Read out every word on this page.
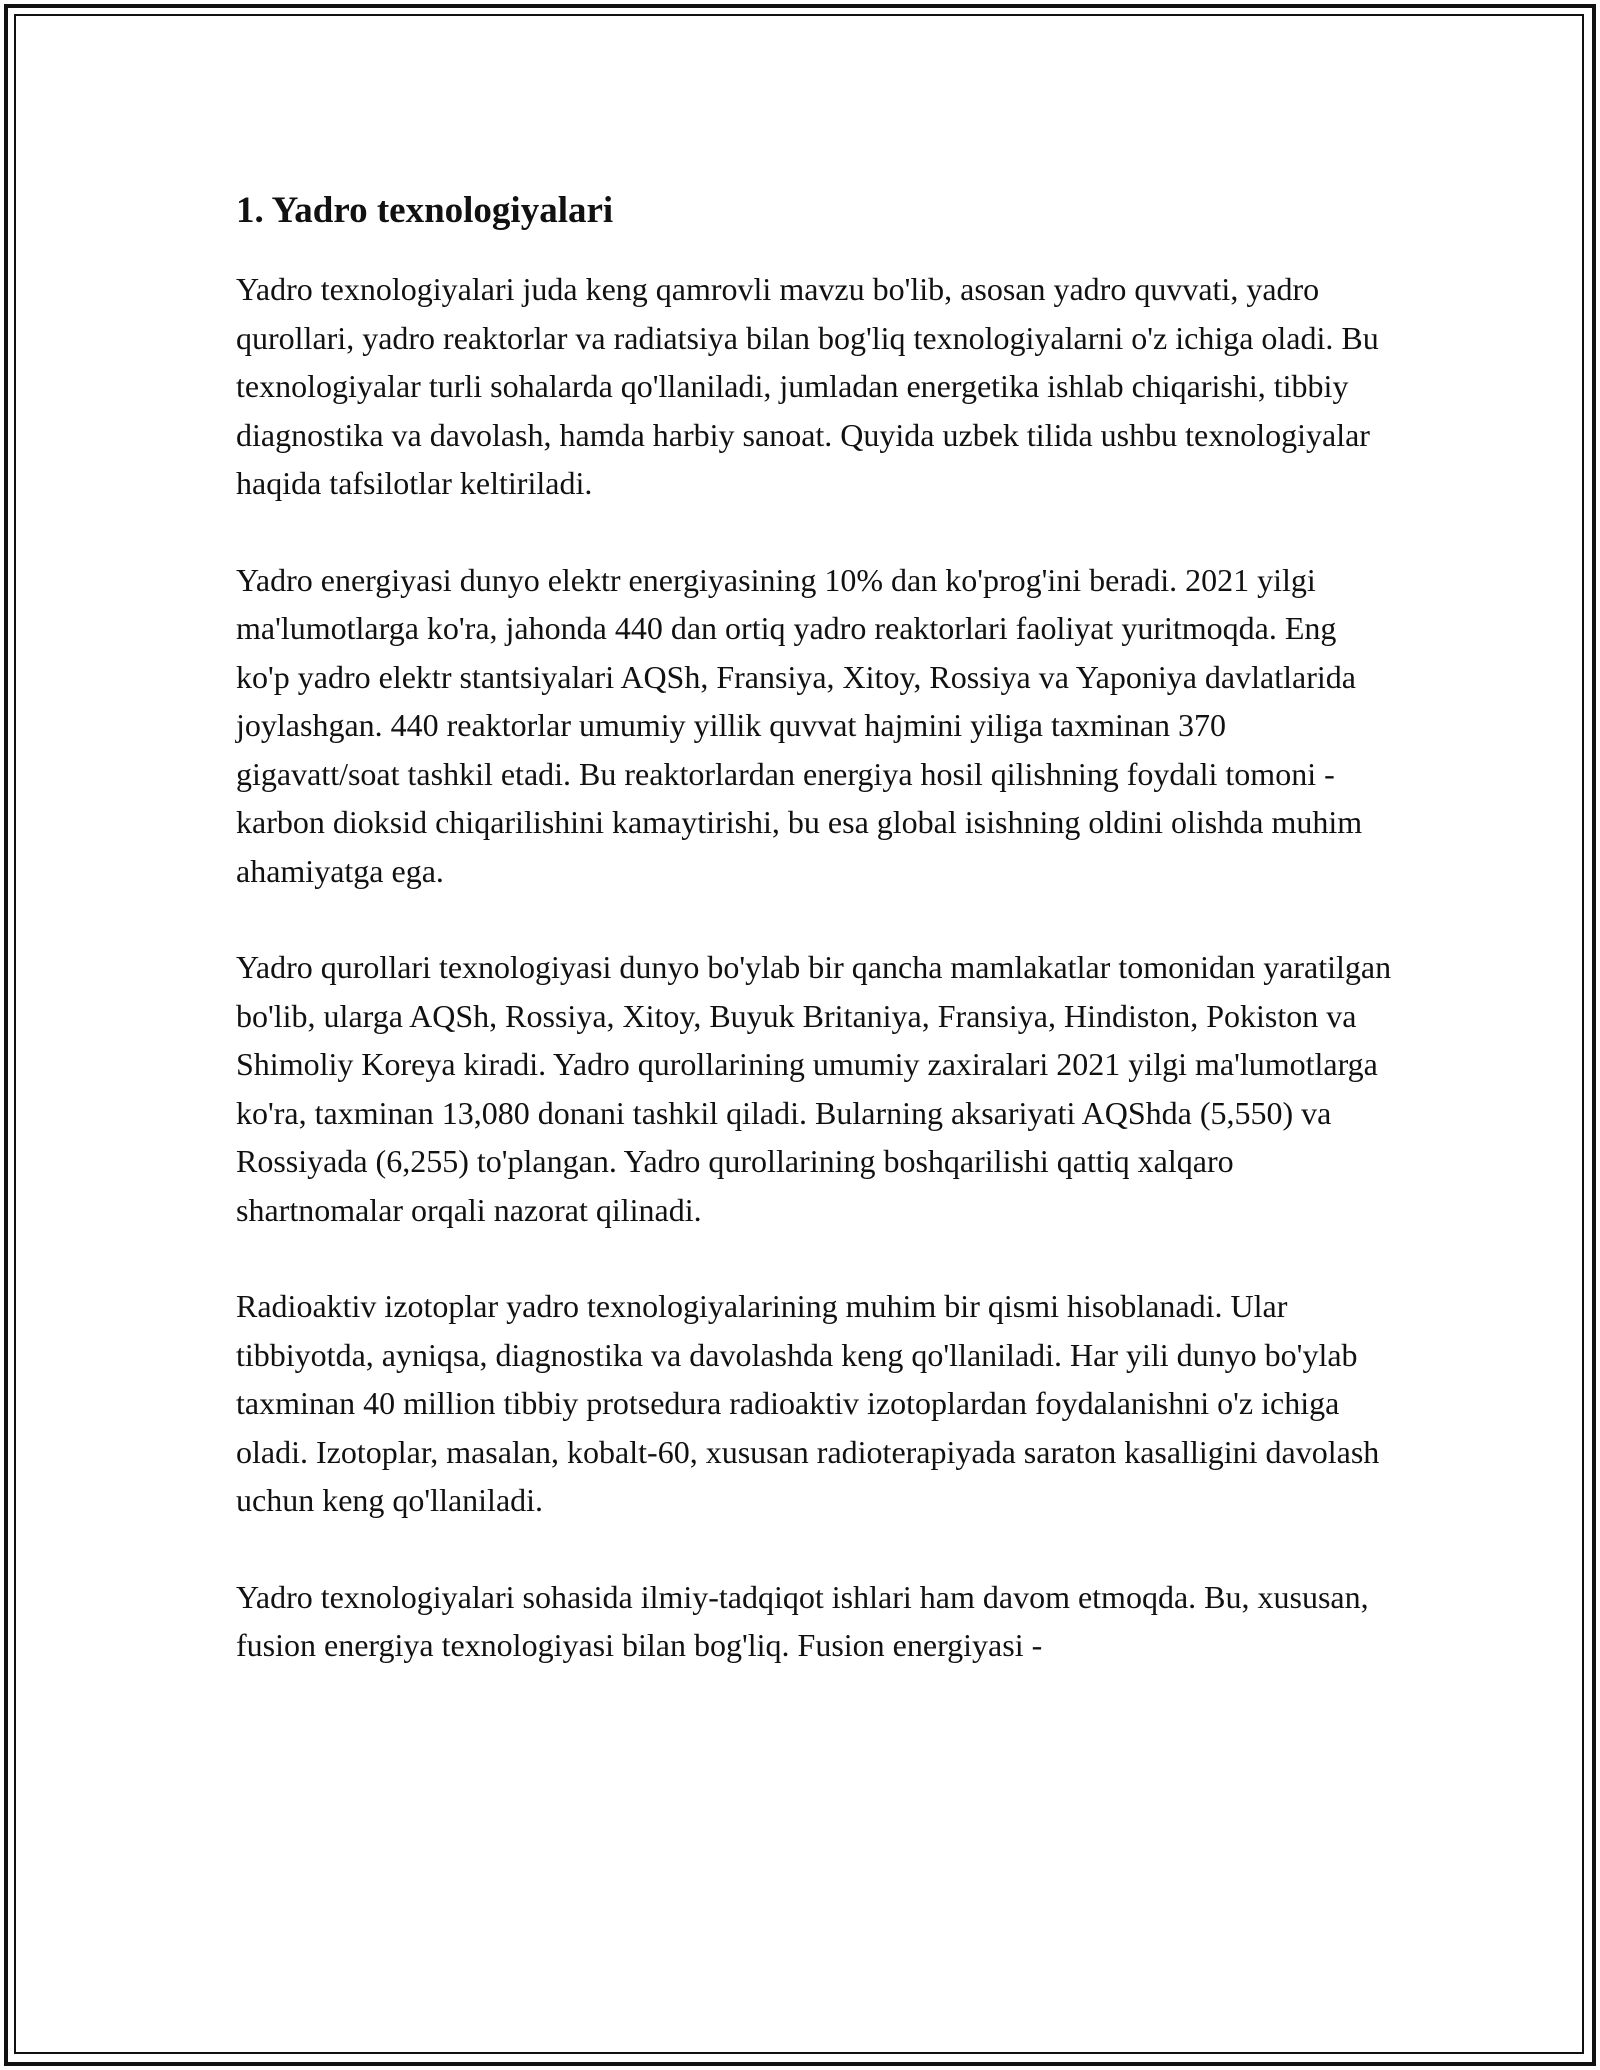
1. Yadro texnologiyalari

Yadro texnologiyalari juda keng qamrovli mavzu bo'lib, asosan yadro quvvati, yadro qurollari, yadro reaktorlar va radiatsiya bilan bog'liq texnologiyalarni o'z ichiga oladi. Bu texnologiyalar turli sohalarda qo'llaniladi, jumladan energetika ishlab chiqarishi, tibbiy diagnostika va davolash, hamda harbiy sanoat. Quyida uzbek tilida ushbu texnologiyalar haqida tafsilotlar keltiriladi.

Yadro energiyasi dunyo elektr energiyasining 10% dan ko'prog'ini beradi. 2021 yilgi ma'lumotlarga ko'ra, jahonda 440 dan ortiq yadro reaktorlari faoliyat yuritmoqda. Eng ko'p yadro elektr stantsiyalari AQSh, Fransiya, Xitoy, Rossiya va Yaponiya davlatlarida joylashgan. 440 reaktorlar umumiy yillik quvvat hajmini yiliga taxminan 370 gigavatt/soat tashkil etadi. Bu reaktorlardan energiya hosil qilishning foydali tomoni - karbon dioksid chiqarilishini kamaytirishi, bu esa global isishning oldini olishda muhim ahamiyatga ega.

Yadro qurollari texnologiyasi dunyo bo'ylab bir qancha mamlakatlar tomonidan yaratilgan bo'lib, ularga AQSh, Rossiya, Xitoy, Buyuk Britaniya, Fransiya, Hindiston, Pokiston va Shimoliy Koreya kiradi. Yadro qurollarining umumiy zaxiralari 2021 yilgi ma'lumotlarga ko'ra, taxminan 13,080 donani tashkil qiladi. Bularning aksariyati AQShda (5,550) va Rossiyada (6,255) to'plangan. Yadro qurollarining boshqarilishi qattiq xalqaro shartnomalar orqali nazorat qilinadi.

Radioaktiv izotoplar yadro texnologiyalarining muhim bir qismi hisoblanadi. Ular tibbiyotda, ayniqsa, diagnostika va davolashda keng qo'llaniladi. Har yili dunyo bo'ylab taxminan 40 million tibbiy protsedura radioaktiv izotoplardan foydalanishni o'z ichiga oladi. Izotoplar, masalan, kobalt-60, xususan radioterapiyada saraton kasalligini davolash uchun keng qo'llaniladi.

Yadro texnologiyalari sohasida ilmiy-tadqiqot ishlari ham davom etmoqda. Bu, xususan, fusion energiya texnologiyasi bilan bog'liq. Fusion energiyasi -
